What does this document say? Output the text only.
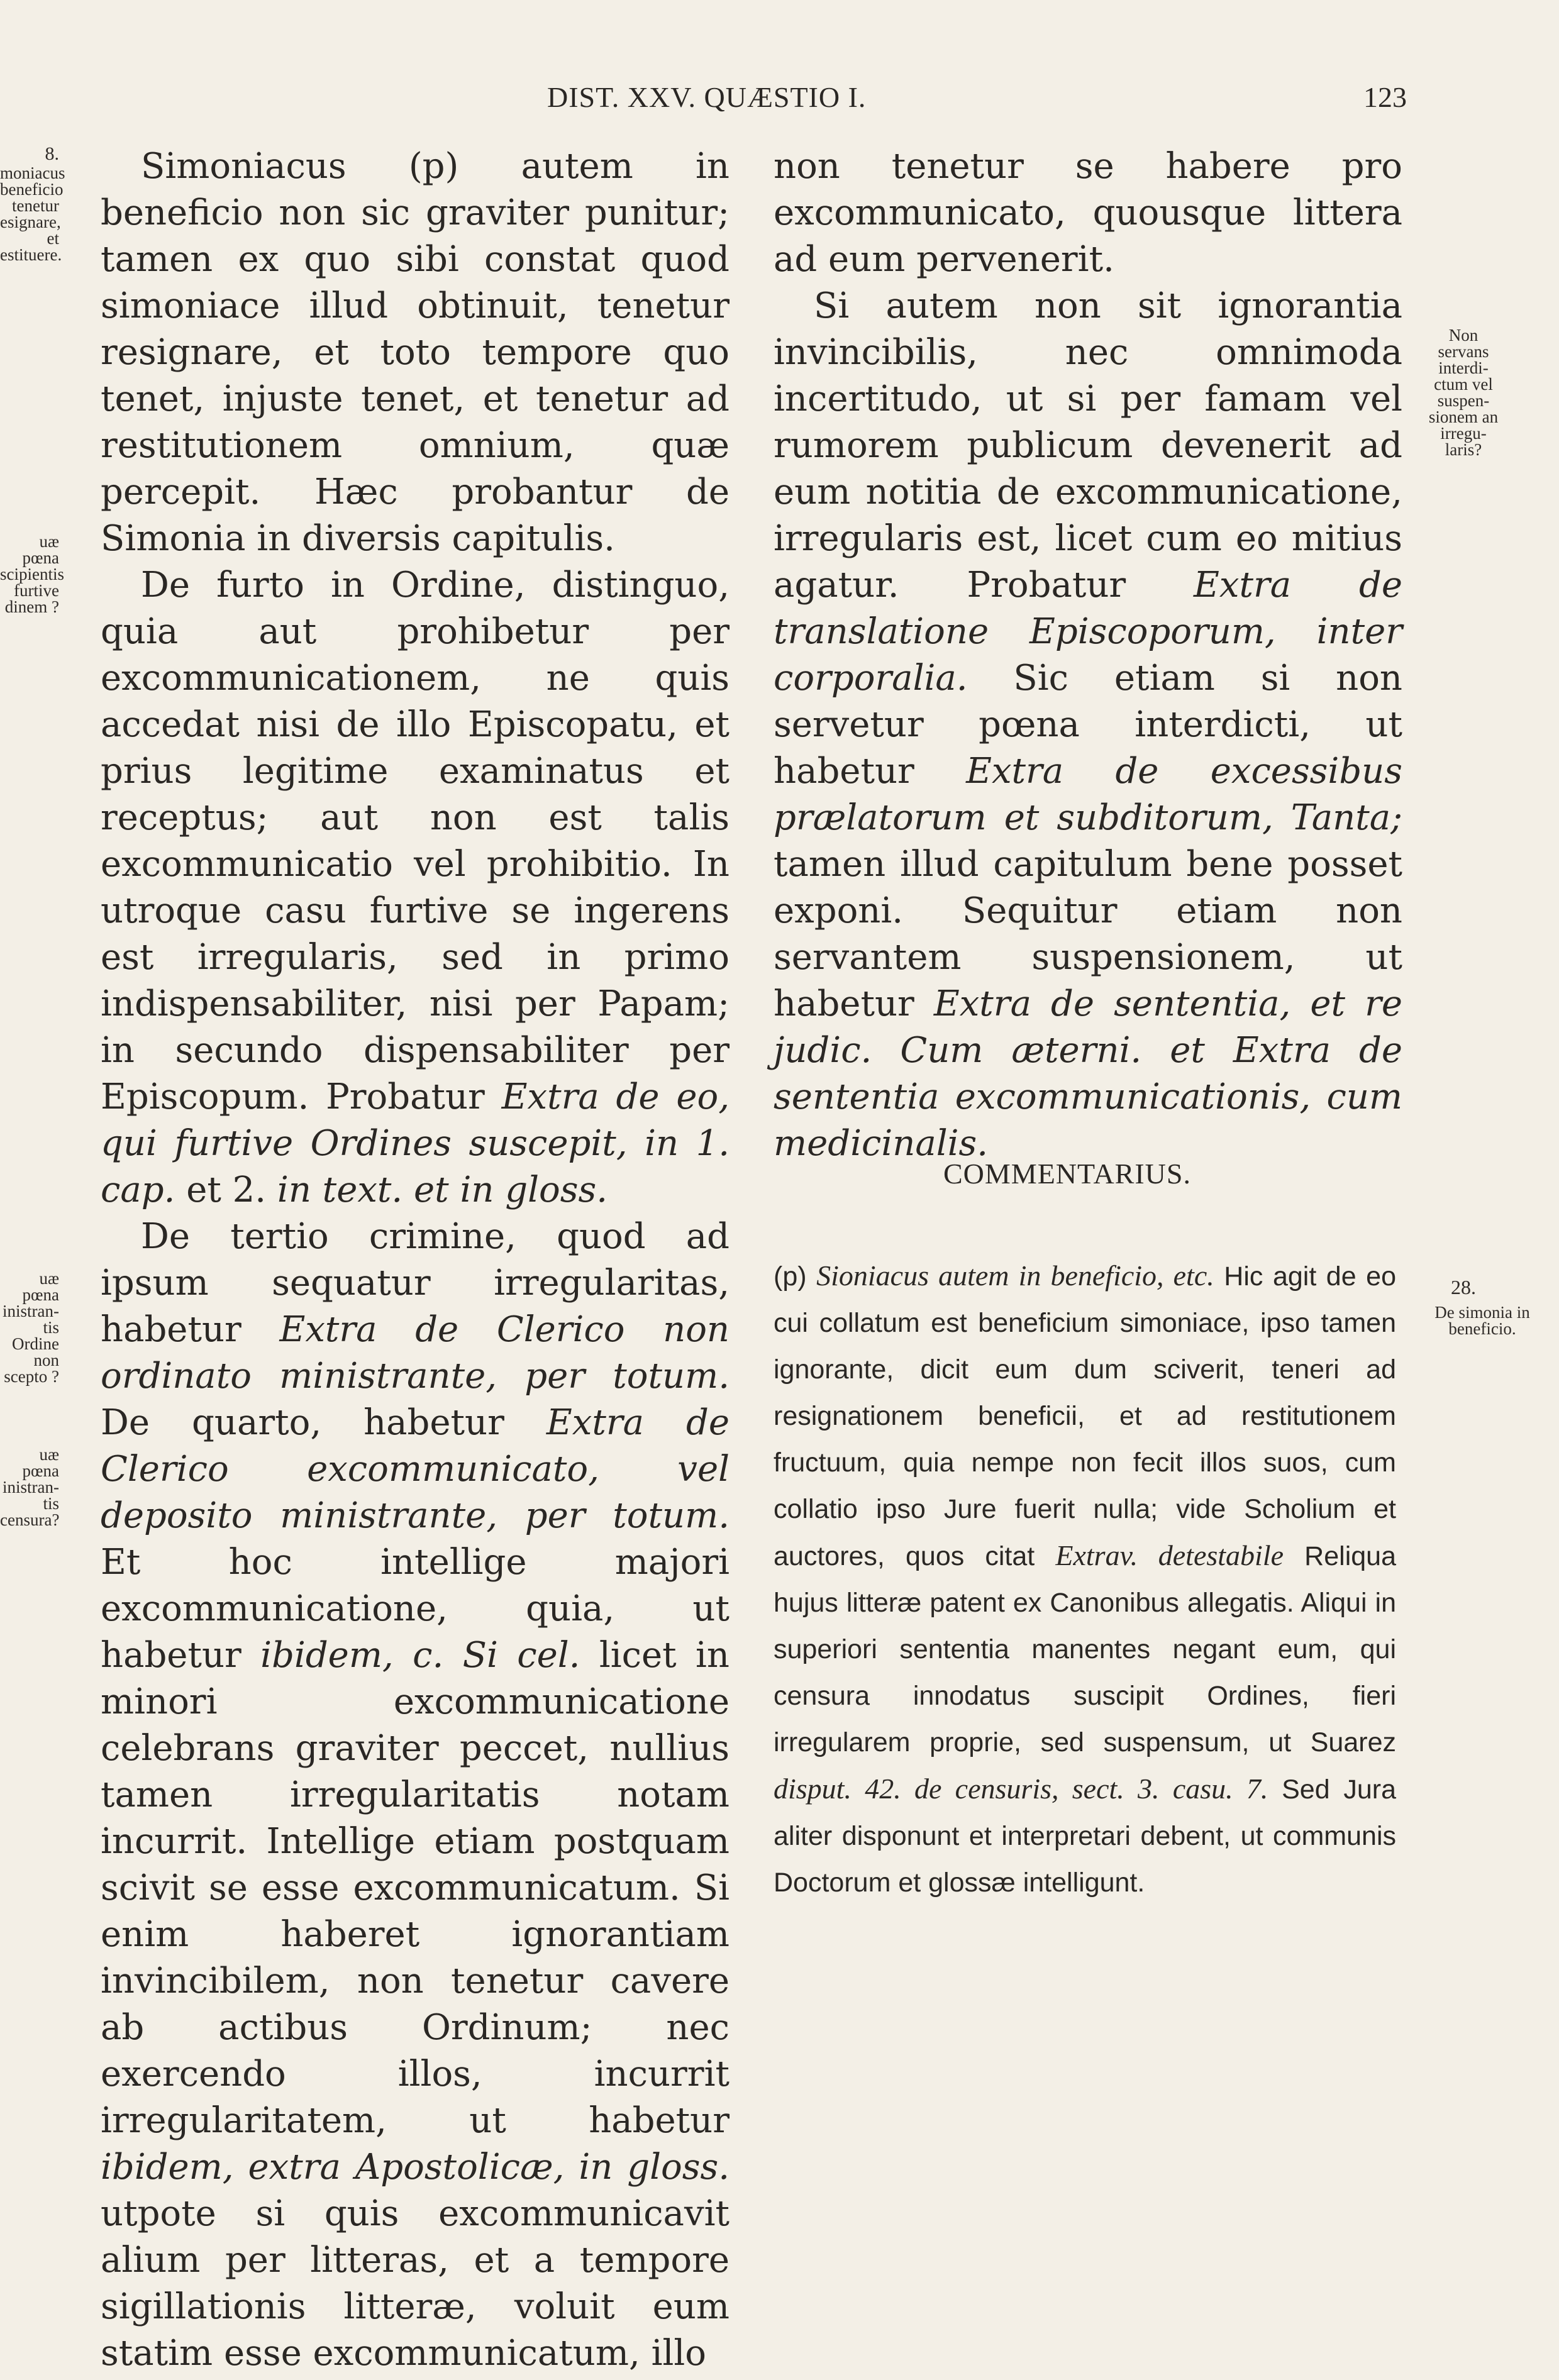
DIST. XXV. QUÆSTIO I.	123
8.
moniacus beneficio tenetur esignare, et estituere.
uæ pœna scipientis furtive dinem ?
uæ pœna inistran- tis Ordine non scepto ?
uæ pœna inistran- tis censura?
Non servans interdi- ctum vel suspen- sionem an irregu- laris?
28.
De simonia in beneficio.

Simoniacus (p) autem in beneficio non sic graviter punitur; tamen ex quo sibi constat quod simoniace illud obtinuit, tenetur resignare, et toto tempore quo tenet, injuste tenet, et tenetur ad restitutionem omnium, quæ percepit. Hæc probantur de Simonia in diversis capitulis.

De furto in Ordine, distinguo, quia aut prohibetur per excommunicationem, ne quis accedat nisi de illo Episcopatu, et prius legitime examinatus et receptus; aut non est talis excommunicatio vel prohibitio. In utroque casu furtive se ingerens est irregularis, sed in primo indispensabiliter, nisi per Papam; in secundo dispensabiliter per Episcopum. Probatur Extra de eo, qui furtive Ordines suscepit, in 1. cap. et 2. in text. et in gloss.

De tertio crimine, quod ad ipsum sequatur irregularitas, habetur Extra de Clerico non ordinato ministrante, per totum. De quarto, habetur Extra de Clerico excommunicato, vel deposito ministrante, per totum. Et hoc intellige majori excommunicatione, quia, ut habetur ibidem, c. Si cel. licet in minori excommunicatione celebrans graviter peccet, nullius tamen irregularitatis notam incurrit. Intellige etiam postquam scivit se esse excommunicatum. Si enim haberet ignorantiam invincibilem, non tenetur cavere ab actibus Ordinum; nec exercendo illos, incurrit irregularitatem, ut habetur ibidem, extra Apostolicæ, in gloss. utpote si quis excommunicavit alium per litteras, et a tempore sigillationis litteræ, voluit eum statim esse excommunicatum, illo

non tenetur se habere pro excommunicato, quousque littera ad eum pervenerit.

Si autem non sit ignorantia invincibilis, nec omnimoda incertitudo, ut si per famam vel rumorem publicum devenerit ad eum notitia de excommunicatione, irregularis est, licet cum eo mitius agatur. Probatur Extra de translatione Episcoporum, inter corporalia. Sic etiam si non servetur pœna interdicti, ut habetur Extra de excessibus prælatorum et subditorum, Tanta; tamen illud capitulum bene posset exponi. Sequitur etiam non servantem suspensionem, ut habetur Extra de sententia, et re judic. Cum æterni. et Extra de sententia excommunicationis, cum medicinalis.

COMMENTARIUS.

(p) Sioniacus autem in beneficio, etc. Hic agit de eo cui collatum est beneficium simoniace, ipso tamen ignorante, dicit eum dum sciverit, teneri ad resignationem beneficii, et ad restitutionem fructuum, quia nempe non fecit illos suos, cum collatio ipso Jure fuerit nulla; vide Scholium et auctores, quos citat Extrav. detestabile Reliqua hujus litteræ patent ex Canonibus allegatis. Aliqui in superiori sententia manentes negant eum, qui censura innodatus suscipit Ordines, fieri irregularem proprie, sed suspensum, ut Suarez disput. 42. de censuris, sect. 3. casu. 7. Sed Jura aliter disponunt et interpretari debent, ut communis Doctorum et glossæ intelligunt.
